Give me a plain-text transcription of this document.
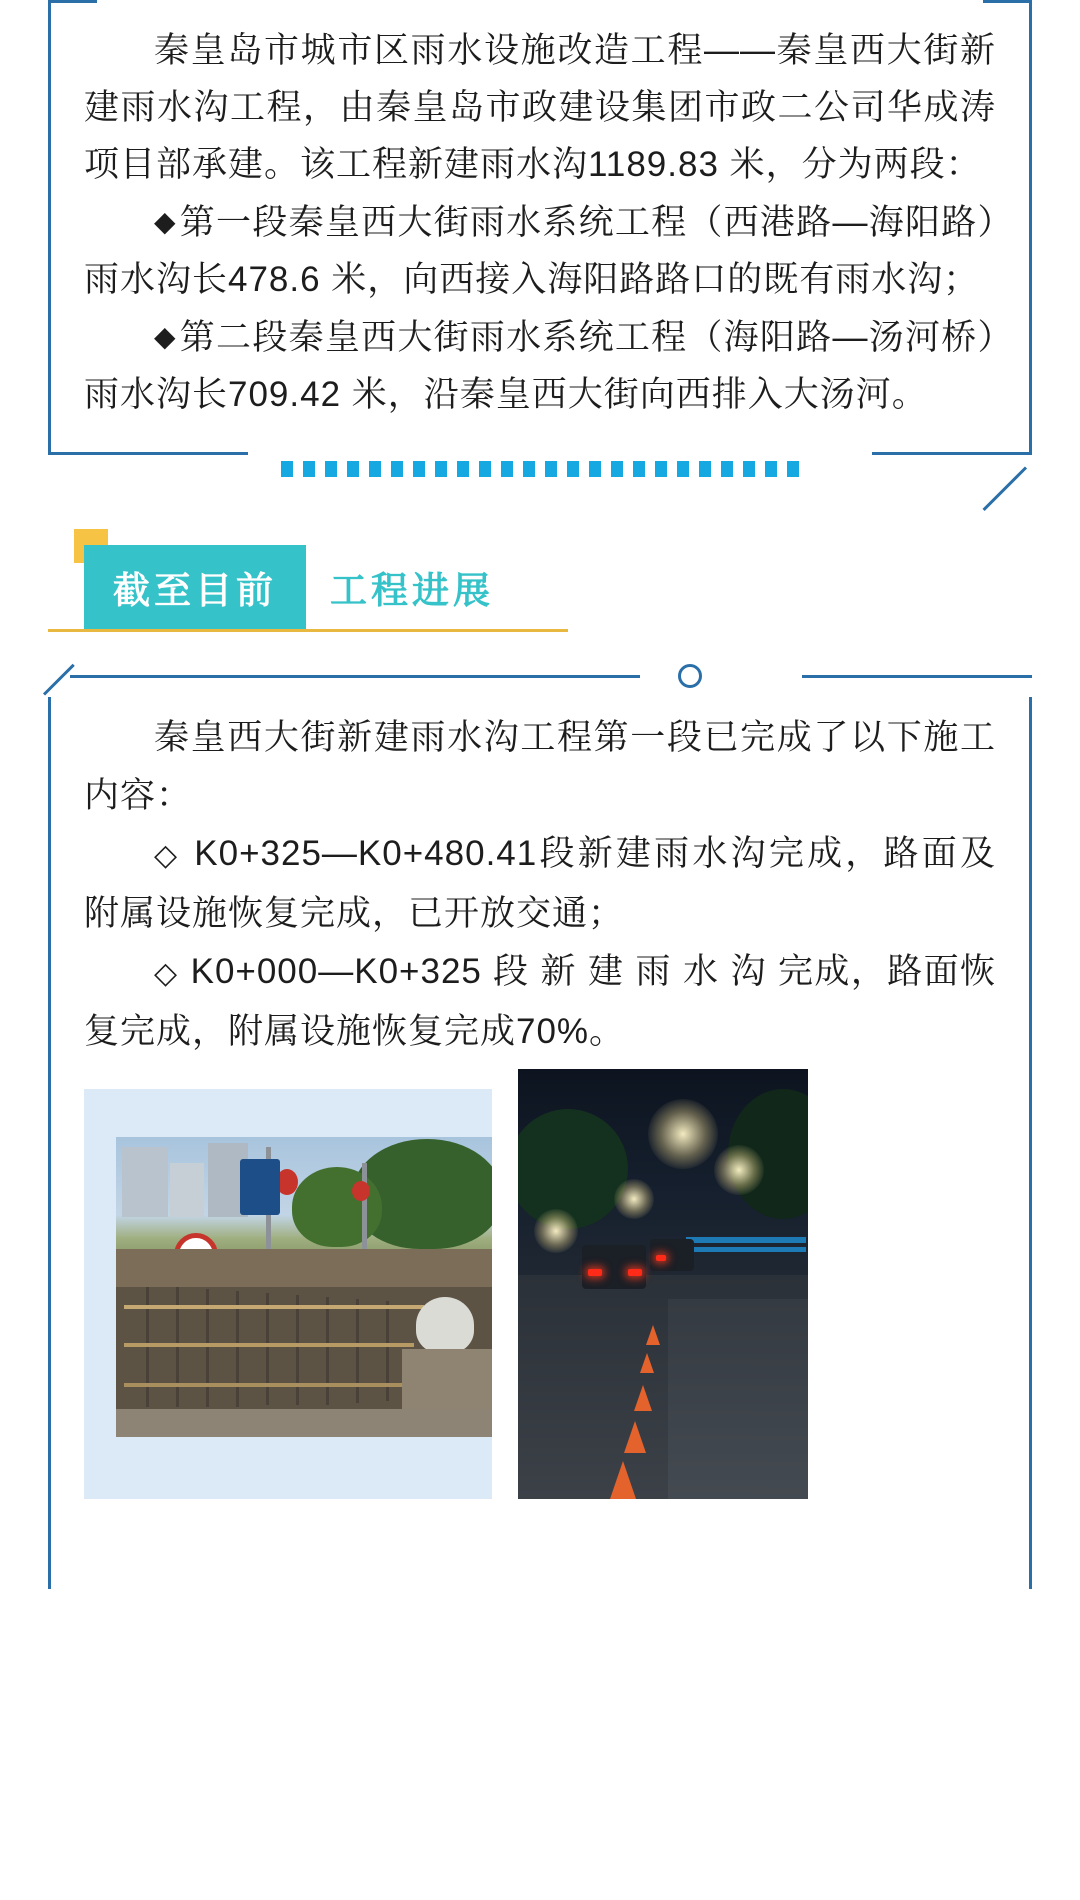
秦皇岛市城市区雨水设施改造工程——秦皇西大街新建雨水沟工程，由秦皇岛市政建设集团市政二公司华成涛项目部承建。该工程新建雨水沟1189.83 米，分为两段：

◆第一段秦皇西大街雨水系统工程（西港路—海阳路）雨水沟长478.6 米，向西接入海阳路路口的既有雨水沟；

◆第二段秦皇西大街雨水系统工程（海阳路—汤河桥）雨水沟长709.42 米，沿秦皇西大街向西排入大汤河。

截至目前 工程进展

秦皇西大街新建雨水沟工程第一段已完成了以下施工内容：

◇ K0+325—K0+480.41段新建雨水沟完成，路面及附属设施恢复完成，已开放交通；

◇ K0+000—K0+325 段 新 建 雨 水 沟 完成，路面恢复完成，附属设施恢复完成70%。
